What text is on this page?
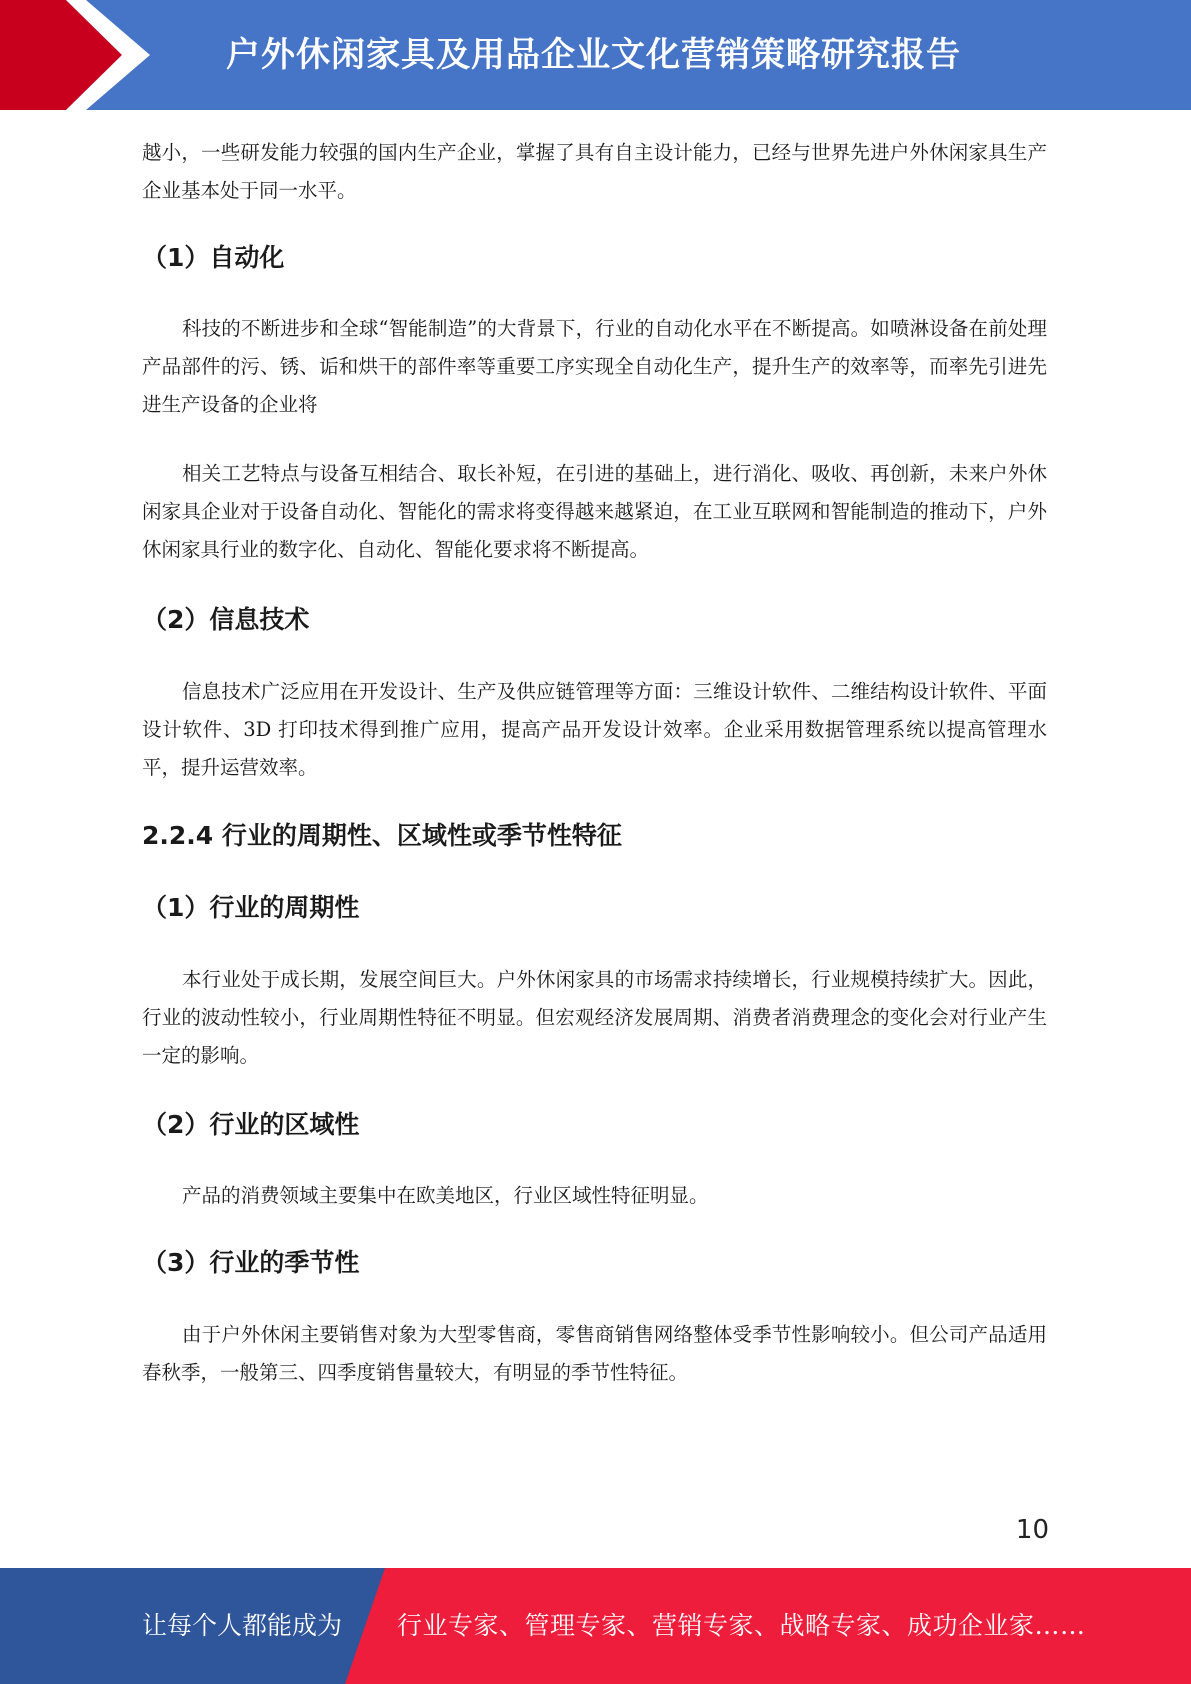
户外休闲家具及用品企业文化营销策略研究报告

越小，一些研发能力较强的国内生产企业，掌握了具有自主设计能力，已经与世界先进户外休闲家具生产企业基本处于同一水平。

（1）自动化

科技的不断进步和全球“智能制造”的大背景下，行业的自动化水平在不断提高。如喷淋设备在前处理产品部件的污、锈、诟和烘干的部件率等重要工序实现全自动化生产，提升生产的效率等，而率先引进先进生产设备的企业将

相关工艺特点与设备互相结合、取长补短，在引进的基础上，进行消化、吸收、再创新，未来户外休闲家具企业对于设备自动化、智能化的需求将变得越来越紧迫，在工业互联网和智能制造的推动下，户外休闲家具行业的数字化、自动化、智能化要求将不断提高。

（2）信息技术

信息技术广泛应用在开发设计、生产及供应链管理等方面：三维设计软件、二维结构设计软件、平面设计软件、3D 打印技术得到推广应用，提高产品开发设计效率。企业采用数据管理系统以提高管理水平，提升运营效率。

2.2.4 行业的周期性、区域性或季节性特征
（1）行业的周期性

本行业处于成长期，发展空间巨大。户外休闲家具的市场需求持续增长，行业规模持续扩大。因此，行业的波动性较小，行业周期性特征不明显。但宏观经济发展周期、消费者消费理念的变化会对行业产生一定的影响。

（2）行业的区域性

产品的消费领域主要集中在欧美地区，行业区域性特征明显。

（3）行业的季节性

由于户外休闲主要销售对象为大型零售商，零售商销售网络整体受季节性影响较小。但公司产品适用春秋季，一般第三、四季度销售量较大，有明显的季节性特征。

10
让每个人都能成为 行业专家、管理专家、营销专家、战略专家、成功企业家……
